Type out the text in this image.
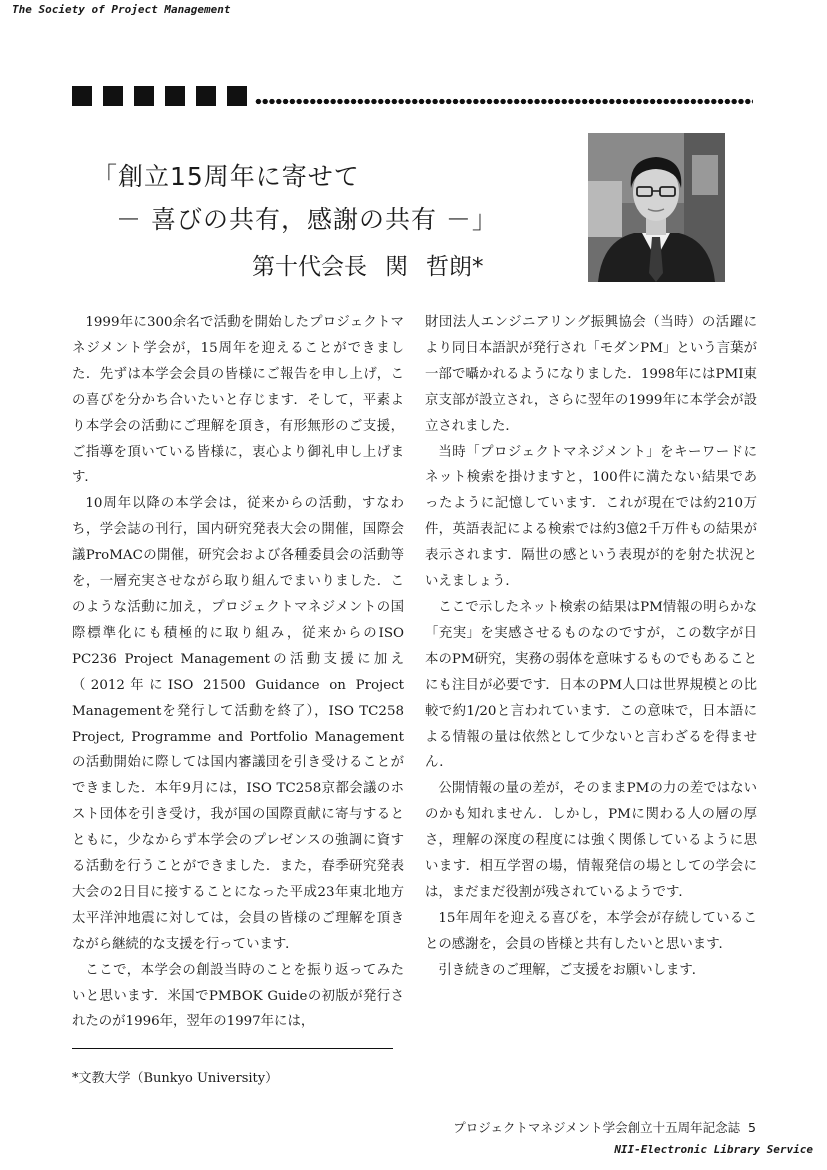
The Society of Project Management
「創立15周年に寄せて
－ 喜びの共有，感謝の共有 －」
第十代会長 関 哲朗*

1999年に300余名で活動を開始したプロジェクトマネジメント学会が，15周年を迎えることができました．先ずは本学会会員の皆様にご報告を申し上げ，この喜びを分かち合いたいと存じます．そして，平素より本学会の活動にご理解を頂き，有形無形のご支援，ご指導を頂いている皆様に，衷心より御礼申し上げます．

10周年以降の本学会は，従来からの活動，すなわち，学会誌の刊行，国内研究発表大会の開催，国際会議ProMACの開催，研究会および各種委員会の活動等を，一層充実させながら取り組んでまいりました．このような活動に加え，プロジェクトマネジメントの国際標準化にも積極的に取り組み，従来からのISO PC236 Project Managementの活動支援に加え（2012年にISO 21500 Guidance on Project Managementを発行して活動を終了），ISO TC258 Project, Programme and Portfolio Managementの活動開始に際しては国内審議団を引き受けることができました．本年9月には，ISO TC258京都会議のホスト団体を引き受け，我が国の国際貢献に寄与するとともに，少なからず本学会のプレゼンスの強調に資する活動を行うことができました．また，春季研究発表大会の2日目に接することになった平成23年東北地方太平洋沖地震に対しては，会員の皆様のご理解を頂きながら継続的な支援を行っています．

ここで，本学会の創設当時のことを振り返ってみたいと思います．米国でPMBOK Guideの初版が発行されたのが1996年，翌年の1997年には，

財団法人エンジニアリング振興協会（当時）の活躍により同日本語訳が発行され「モダンPM」という言葉が一部で囁かれるようになりました．1998年にはPMI東京支部が設立され，さらに翌年の1999年に本学会が設立されました．

当時「プロジェクトマネジメント」をキーワードにネット検索を掛けますと，100件に満たない結果であったように記憶しています．これが現在では約210万件，英語表記による検索では約3億2千万件もの結果が表示されます．隔世の感という表現が的を射た状況といえましょう．

ここで示したネット検索の結果はPM情報の明らかな「充実」を実感させるものなのですが，この数字が日本のPM研究，実務の弱体を意味するものでもあることにも注目が必要です．日本のPM人口は世界規模との比較で約1/20と言われています．この意味で，日本語による情報の量は依然として少ないと言わざるを得ません．

公開情報の量の差が，そのままPMの力の差ではないのかも知れません．しかし，PMに関わる人の層の厚さ，理解の深度の程度には強く関係しているように思います．相互学習の場，情報発信の場としての学会には，まだまだ役割が残されているようです．

15年周年を迎える喜びを，本学会が存続していることの感謝を，会員の皆様と共有したいと思います．

引き続きのご理解，ご支援をお願いします．

*文教大学（Bunkyo University）
プロジェクトマネジメント学会創立十五周年記念誌 5
NII-Electronic Library Service
